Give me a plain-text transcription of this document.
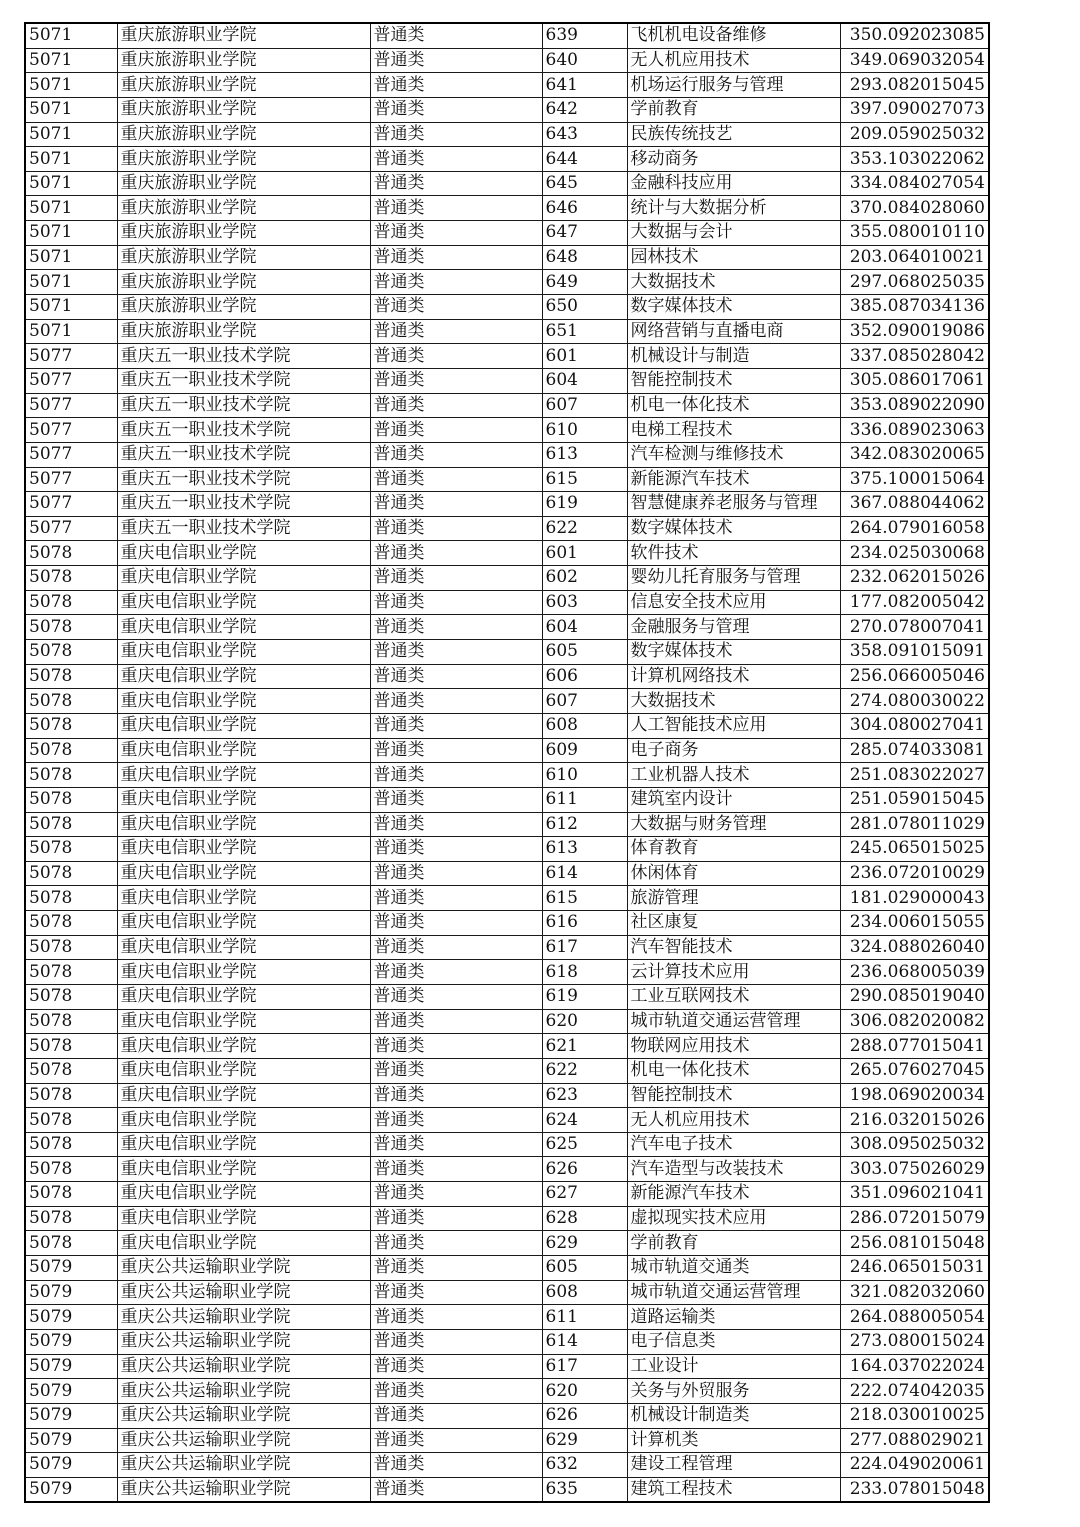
5071	重庆旅游职业学院	普通类	639	飞机机电设备维修	350.092023085
5071	重庆旅游职业学院	普通类	640	无人机应用技术	349.069032054
5071	重庆旅游职业学院	普通类	641	机场运行服务与管理	293.082015045
5071	重庆旅游职业学院	普通类	642	学前教育	397.090027073
5071	重庆旅游职业学院	普通类	643	民族传统技艺	209.059025032
5071	重庆旅游职业学院	普通类	644	移动商务	353.103022062
5071	重庆旅游职业学院	普通类	645	金融科技应用	334.084027054
5071	重庆旅游职业学院	普通类	646	统计与大数据分析	370.084028060
5071	重庆旅游职业学院	普通类	647	大数据与会计	355.080010110
5071	重庆旅游职业学院	普通类	648	园林技术	203.064010021
5071	重庆旅游职业学院	普通类	649	大数据技术	297.068025035
5071	重庆旅游职业学院	普通类	650	数字媒体技术	385.087034136
5071	重庆旅游职业学院	普通类	651	网络营销与直播电商	352.090019086
5077	重庆五一职业技术学院	普通类	601	机械设计与制造	337.085028042
5077	重庆五一职业技术学院	普通类	604	智能控制技术	305.086017061
5077	重庆五一职业技术学院	普通类	607	机电一体化技术	353.089022090
5077	重庆五一职业技术学院	普通类	610	电梯工程技术	336.089023063
5077	重庆五一职业技术学院	普通类	613	汽车检测与维修技术	342.083020065
5077	重庆五一职业技术学院	普通类	615	新能源汽车技术	375.100015064
5077	重庆五一职业技术学院	普通类	619	智慧健康养老服务与管理	367.088044062
5077	重庆五一职业技术学院	普通类	622	数字媒体技术	264.079016058
5078	重庆电信职业学院	普通类	601	软件技术	234.025030068
5078	重庆电信职业学院	普通类	602	婴幼儿托育服务与管理	232.062015026
5078	重庆电信职业学院	普通类	603	信息安全技术应用	177.082005042
5078	重庆电信职业学院	普通类	604	金融服务与管理	270.078007041
5078	重庆电信职业学院	普通类	605	数字媒体技术	358.091015091
5078	重庆电信职业学院	普通类	606	计算机网络技术	256.066005046
5078	重庆电信职业学院	普通类	607	大数据技术	274.080030022
5078	重庆电信职业学院	普通类	608	人工智能技术应用	304.080027041
5078	重庆电信职业学院	普通类	609	电子商务	285.074033081
5078	重庆电信职业学院	普通类	610	工业机器人技术	251.083022027
5078	重庆电信职业学院	普通类	611	建筑室内设计	251.059015045
5078	重庆电信职业学院	普通类	612	大数据与财务管理	281.078011029
5078	重庆电信职业学院	普通类	613	体育教育	245.065015025
5078	重庆电信职业学院	普通类	614	休闲体育	236.072010029
5078	重庆电信职业学院	普通类	615	旅游管理	181.029000043
5078	重庆电信职业学院	普通类	616	社区康复	234.006015055
5078	重庆电信职业学院	普通类	617	汽车智能技术	324.088026040
5078	重庆电信职业学院	普通类	618	云计算技术应用	236.068005039
5078	重庆电信职业学院	普通类	619	工业互联网技术	290.085019040
5078	重庆电信职业学院	普通类	620	城市轨道交通运营管理	306.082020082
5078	重庆电信职业学院	普通类	621	物联网应用技术	288.077015041
5078	重庆电信职业学院	普通类	622	机电一体化技术	265.076027045
5078	重庆电信职业学院	普通类	623	智能控制技术	198.069020034
5078	重庆电信职业学院	普通类	624	无人机应用技术	216.032015026
5078	重庆电信职业学院	普通类	625	汽车电子技术	308.095025032
5078	重庆电信职业学院	普通类	626	汽车造型与改装技术	303.075026029
5078	重庆电信职业学院	普通类	627	新能源汽车技术	351.096021041
5078	重庆电信职业学院	普通类	628	虚拟现实技术应用	286.072015079
5078	重庆电信职业学院	普通类	629	学前教育	256.081015048
5079	重庆公共运输职业学院	普通类	605	城市轨道交通类	246.065015031
5079	重庆公共运输职业学院	普通类	608	城市轨道交通运营管理	321.082032060
5079	重庆公共运输职业学院	普通类	611	道路运输类	264.088005054
5079	重庆公共运输职业学院	普通类	614	电子信息类	273.080015024
5079	重庆公共运输职业学院	普通类	617	工业设计	164.037022024
5079	重庆公共运输职业学院	普通类	620	关务与外贸服务	222.074042035
5079	重庆公共运输职业学院	普通类	626	机械设计制造类	218.030010025
5079	重庆公共运输职业学院	普通类	629	计算机类	277.088029021
5079	重庆公共运输职业学院	普通类	632	建设工程管理	224.049020061
5079	重庆公共运输职业学院	普通类	635	建筑工程技术	233.078015048
